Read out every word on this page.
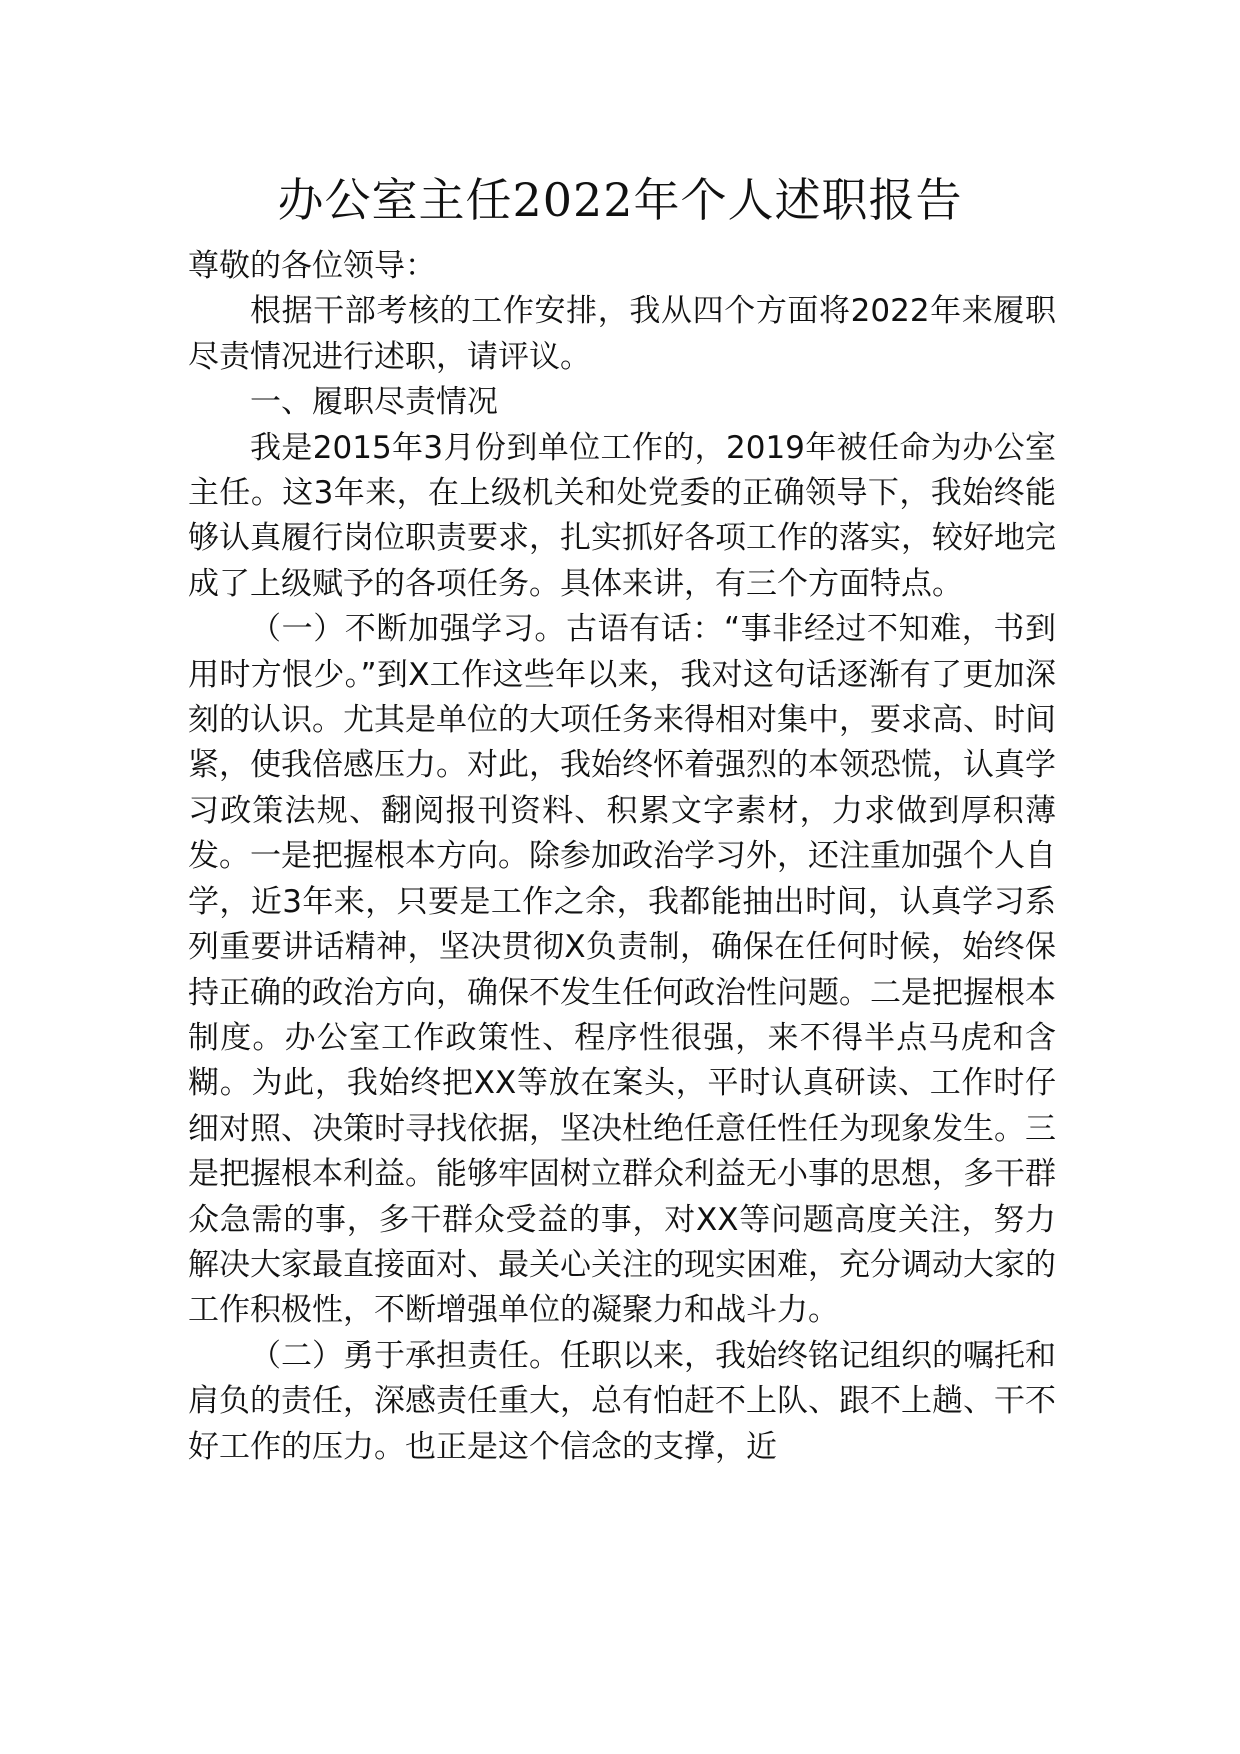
办公室主任2022年个人述职报告

尊敬的各位领导：

根据干部考核的工作安排，我从四个方面将2022年来履职尽责情况进行述职，请评议。

一、履职尽责情况

我是2015年3月份到单位工作的，2019年被任命为办公室主任。这3年来，在上级机关和处党委的正确领导下，我始终能够认真履行岗位职责要求，扎实抓好各项工作的落实，较好地完成了上级赋予的各项任务。具体来讲，有三个方面特点。

（一）不断加强学习。古语有话：“事非经过不知难，书到用时方恨少。”到X工作这些年以来，我对这句话逐渐有了更加深刻的认识。尤其是单位的大项任务来得相对集中，要求高、时间紧，使我倍感压力。对此，我始终怀着强烈的本领恐慌，认真学习政策法规、翻阅报刊资料、积累文字素材，力求做到厚积薄发。一是把握根本方向。除参加政治学习外，还注重加强个人自学，近3年来，只要是工作之余，我都能抽出时间，认真学习系列重要讲话精神，坚决贯彻X负责制，确保在任何时候，始终保持正确的政治方向，确保不发生任何政治性问题。二是把握根本制度。办公室工作政策性、程序性很强，来不得半点马虎和含糊。为此，我始终把XX等放在案头，平时认真研读、工作时仔细对照、决策时寻找依据，坚决杜绝任意任性任为现象发生。三是把握根本利益。能够牢固树立群众利益无小事的思想，多干群众急需的事，多干群众受益的事，对XX等问题高度关注，努力解决大家最直接面对、最关心关注的现实困难，充分调动大家的工作积极性，不断增强单位的凝聚力和战斗力。

（二）勇于承担责任。任职以来，我始终铭记组织的嘱托和肩负的责任，深感责任重大，总有怕赶不上队、跟不上趟、干不好工作的压力。也正是这个信念的支撑，近
